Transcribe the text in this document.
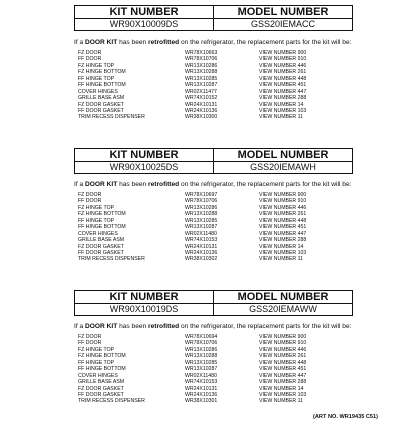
KIT NUMBER	MODEL NUMBER
WR90X10009DS	GSS20IEMACC
If a DOOR KIT has been retrofitted on the refrigerator, the replacement parts for the kit will be:
FZ DOOR	WR78X10663	VIEW NUMBER 900
FF DOOR	WR78X10706	VIEW NUMBER 910
FZ HINGE TOP	WR13X10286	VIEW NUMBER 446
FZ HINGE BOTTOM	WR13X10288	VIEW NUMBER 261
FF HINGE TOP	WR13X10285	VIEW NUMBER 448
FF HINGE BOTTOM	WR13X10287	VIEW NUMBER 451
COVER HINGES	WR02X11477	VIEW NUMBER 447
GRILLE BASE ASM	WR74X10152	VIEW NUMBER 288
FZ DOOR GASKET	WR24X10131	VIEW NUMBER 14
FF DOOR GASKET	WR24X10136	VIEW NUMBER 103
TRIM RECESS DISPENSER	WR38X10300	VIEW NUMBER 11
KIT NUMBER	MODEL NUMBER
WR90X10025DS	GSS20IEMAWH
If a DOOR KIT has been retrofitted on the refrigerator, the replacement parts for the kit will be:
FZ DOOR	WR78X10697	VIEW NUMBER 900
FF DOOR	WR78X10706	VIEW NUMBER 910
FZ HINGE TOP	WR13X10286	VIEW NUMBER 446
FZ HINGE BOTTOM	WR13X10288	VIEW NUMBER 261
FF HINGE TOP	WR13X10285	VIEW NUMBER 448
FF HINGE BOTTOM	WR13X10287	VIEW NUMBER 451
COVER HINGES	WR02X11480	VIEW NUMBER 447
GRILLE BASE ASM	WR74X10153	VIEW NUMBER 288
FZ DOOR GASKET	WR24X10131	VIEW NUMBER 14
FF DOOR GASKET	WR24X10136	VIEW NUMBER 103
TRIM RECESS DISPENSER	WR38X10302	VIEW NUMBER 11
KIT NUMBER	MODEL NUMBER
WR90X10019DS	GSS20IEMAWW
If a DOOR KIT has been retrofitted on the refrigerator, the replacement parts for the kit will be:
FZ DOOR	WR78X10694	VIEW NUMBER 900
FF DOOR	WR78X10706	VIEW NUMBER 910
FZ HINGE TOP	WR13X10286	VIEW NUMBER 446
FZ HINGE BOTTOM	WR13X10288	VIEW NUMBER 261
FF HINGE TOP	WR13X10285	VIEW NUMBER 448
FF HINGE BOTTOM	WR13X10287	VIEW NUMBER 451
COVER HINGES	WR02X11480	VIEW NUMBER 447
GRILLE BASE ASM	WR74X10153	VIEW NUMBER 288
FZ DOOR GASKET	WR24X10131	VIEW NUMBER 14
FF DOOR GASKET	WR24X10136	VIEW NUMBER 103
TRIM RECESS DISPENSER	WR38X10301	VIEW NUMBER 11
(ART NO. WR19435 C51)
